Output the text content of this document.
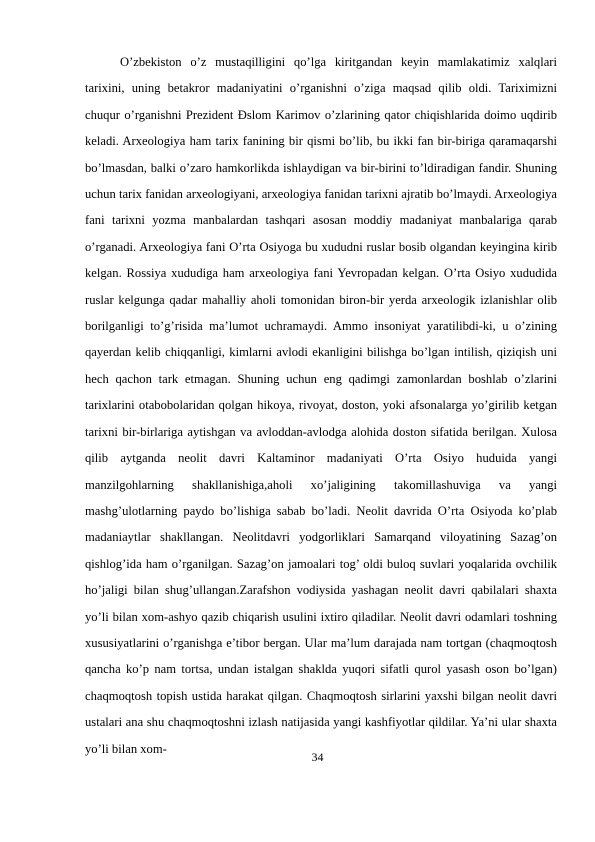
O’zbekiston o’z mustaqilligini qo’lga kiritgandan keyin mamlakatimiz xalqlari tarixini, uning betakror madaniyatini o’rganishni o’ziga maqsad qilib oldi. Tariximizni chuqur o’rganishni Prezident Ðslom Karimov o’zlarining qator chiqishlarida doimo uqdirib keladi. Arxeologiya ham tarix fanining bir qismi bo’lib, bu ikki fan bir-biriga qaramaqarshi bo’lmasdan, balki o’zaro hamkorlikda ishlaydigan va bir-birini to’ldiradigan fandir. Shuning uchun tarix fanidan arxeologiyani, arxeologiya fanidan tarixni ajratib bo’lmaydi. Arxeologiya fani tarixni yozma manbalardan tashqari asosan moddiy madaniyat manbalariga qarab o’rganadi. Arxeologiya fani O’rta Osiyoga bu xududni ruslar bosib olgandan keyingina kirib kelgan. Rossiya xududiga ham arxeologiya fani Yevropadan kelgan. O’rta Osiyo xududida ruslar kelgunga qadar mahalliy aholi tomonidan biron-bir yerda arxeologik izlanishlar olib borilganligi to’g’risida ma’lumot uchramaydi. Ammo insoniyat yaratilibdi-ki, u o’zining qayerdan kelib chiqqanligi, kimlarni avlodi ekanligini bilishga bo’lgan intilish, qiziqish uni hech qachon tark etmagan. Shuning uchun eng qadimgi zamonlardan boshlab o’zlarini tarixlarini otabobolaridan qolgan hikoya, rivoyat, doston, yoki afsonalarga yo’girilib ketgan tarixni bir-birlariga aytishgan va avloddan-avlodga alohida doston sifatida berilgan. Xulosa qilib aytganda neolit davri Kaltaminor madaniyati O’rta Osiyo huduida yangi manzilgohlarning shakllanishiga,aholi xo’jaligining takomillashuviga va yangi mashg’ulotlarning paydo bo’lishiga sabab bo’ladi. Neolit davrida O’rta Osiyoda ko’plab madaniaytlar shakllangan. Neolitdavri yodgorliklari Samarqand viloyatining Sazag’on qishlog’ida ham o’rganilgan. Sazag’on jamoalari tog’ oldi buloq suvlari yoqalarida ovchilik ho’jaligi bilan shug’ullangan.Zarafshon vodiysida yashagan neolit davri qabilalari shaxta yo’li bilan xom-ashyo qazib chiqarish usulini ixtiro qiladilar. Neolit davri odamlari toshning xususiyatlarini o’rganishga e’tibor bergan. Ular ma’lum darajada nam tortgan (chaqmoqtosh qancha ko’p nam tortsa, undan istalgan shaklda yuqori sifatli qurol yasash oson bo’lgan) chaqmoqtosh topish ustida harakat qilgan. Chaqmoqtosh sirlarini yaxshi bilgan neolit davri ustalari ana shu chaqmoqtoshni izlash natijasida yangi kashfiyotlar qildilar. Ya’ni ular shaxta yo’li bilan xom-

34
